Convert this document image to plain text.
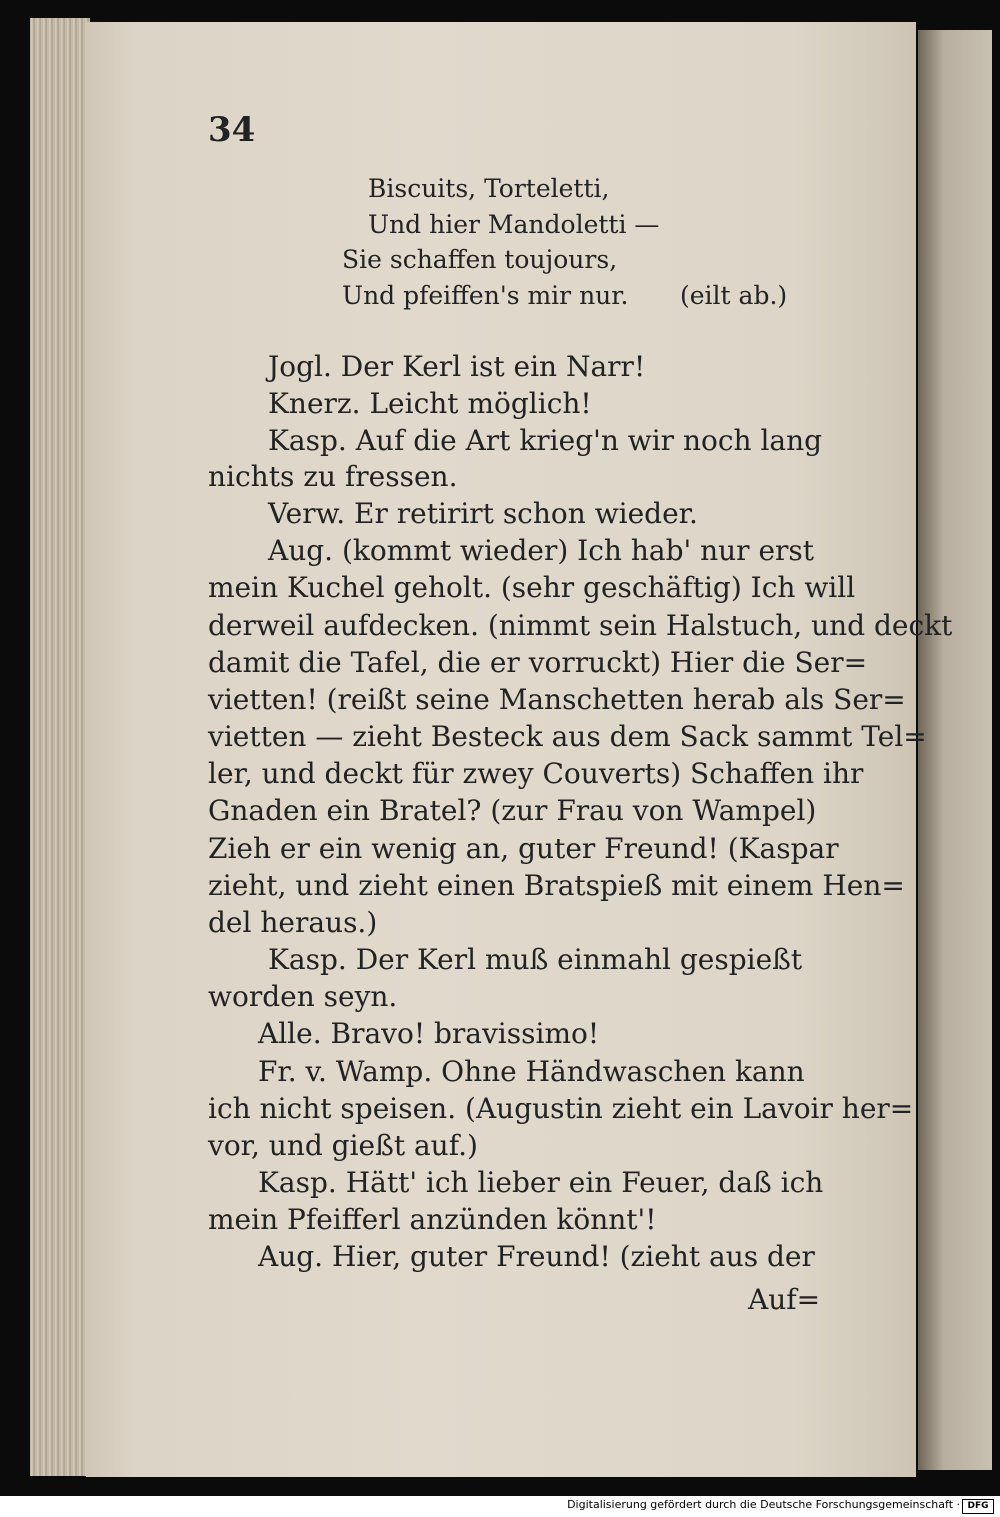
34
Biscuits, Torteletti,
Und hier Mandoletti —
Sie schaffen toujours,
Und pfeiffen's mir nur. (eilt ab.)
Jogl. Der Kerl ist ein Narr!
Knerz. Leicht möglich!
Kasp. Auf die Art krieg'n wir noch lang
nichts zu fressen.
Verw. Er retirirt schon wieder.
Aug. (kommt wieder) Ich hab' nur erst
mein Kuchel geholt. (sehr geschäftig) Ich will
derweil aufdecken. (nimmt sein Halstuch, und deckt
damit die Tafel, die er vorruckt) Hier die Ser=
vietten! (reißt seine Manschetten herab als Ser=
vietten — zieht Besteck aus dem Sack sammt Tel=
ler, und deckt für zwey Couverts) Schaffen ihr
Gnaden ein Bratel? (zur Frau von Wampel)
Zieh er ein wenig an, guter Freund! (Kaspar
zieht, und zieht einen Bratspieß mit einem Hen=
del heraus.)
Kasp. Der Kerl muß einmahl gespießt
worden seyn.
Alle. Bravo! bravissimo!
Fr. v. Wamp. Ohne Händwaschen kann
ich nicht speisen. (Augustin zieht ein Lavoir her=
vor, und gießt auf.)
Kasp. Hätt' ich lieber ein Feuer, daß ich
mein Pfeifferl anzünden könnt'!
Aug. Hier, guter Freund! (zieht aus der
Auf=
Digitalisierung gefördert durch die Deutsche Forschungsgemeinschaft · DFG
